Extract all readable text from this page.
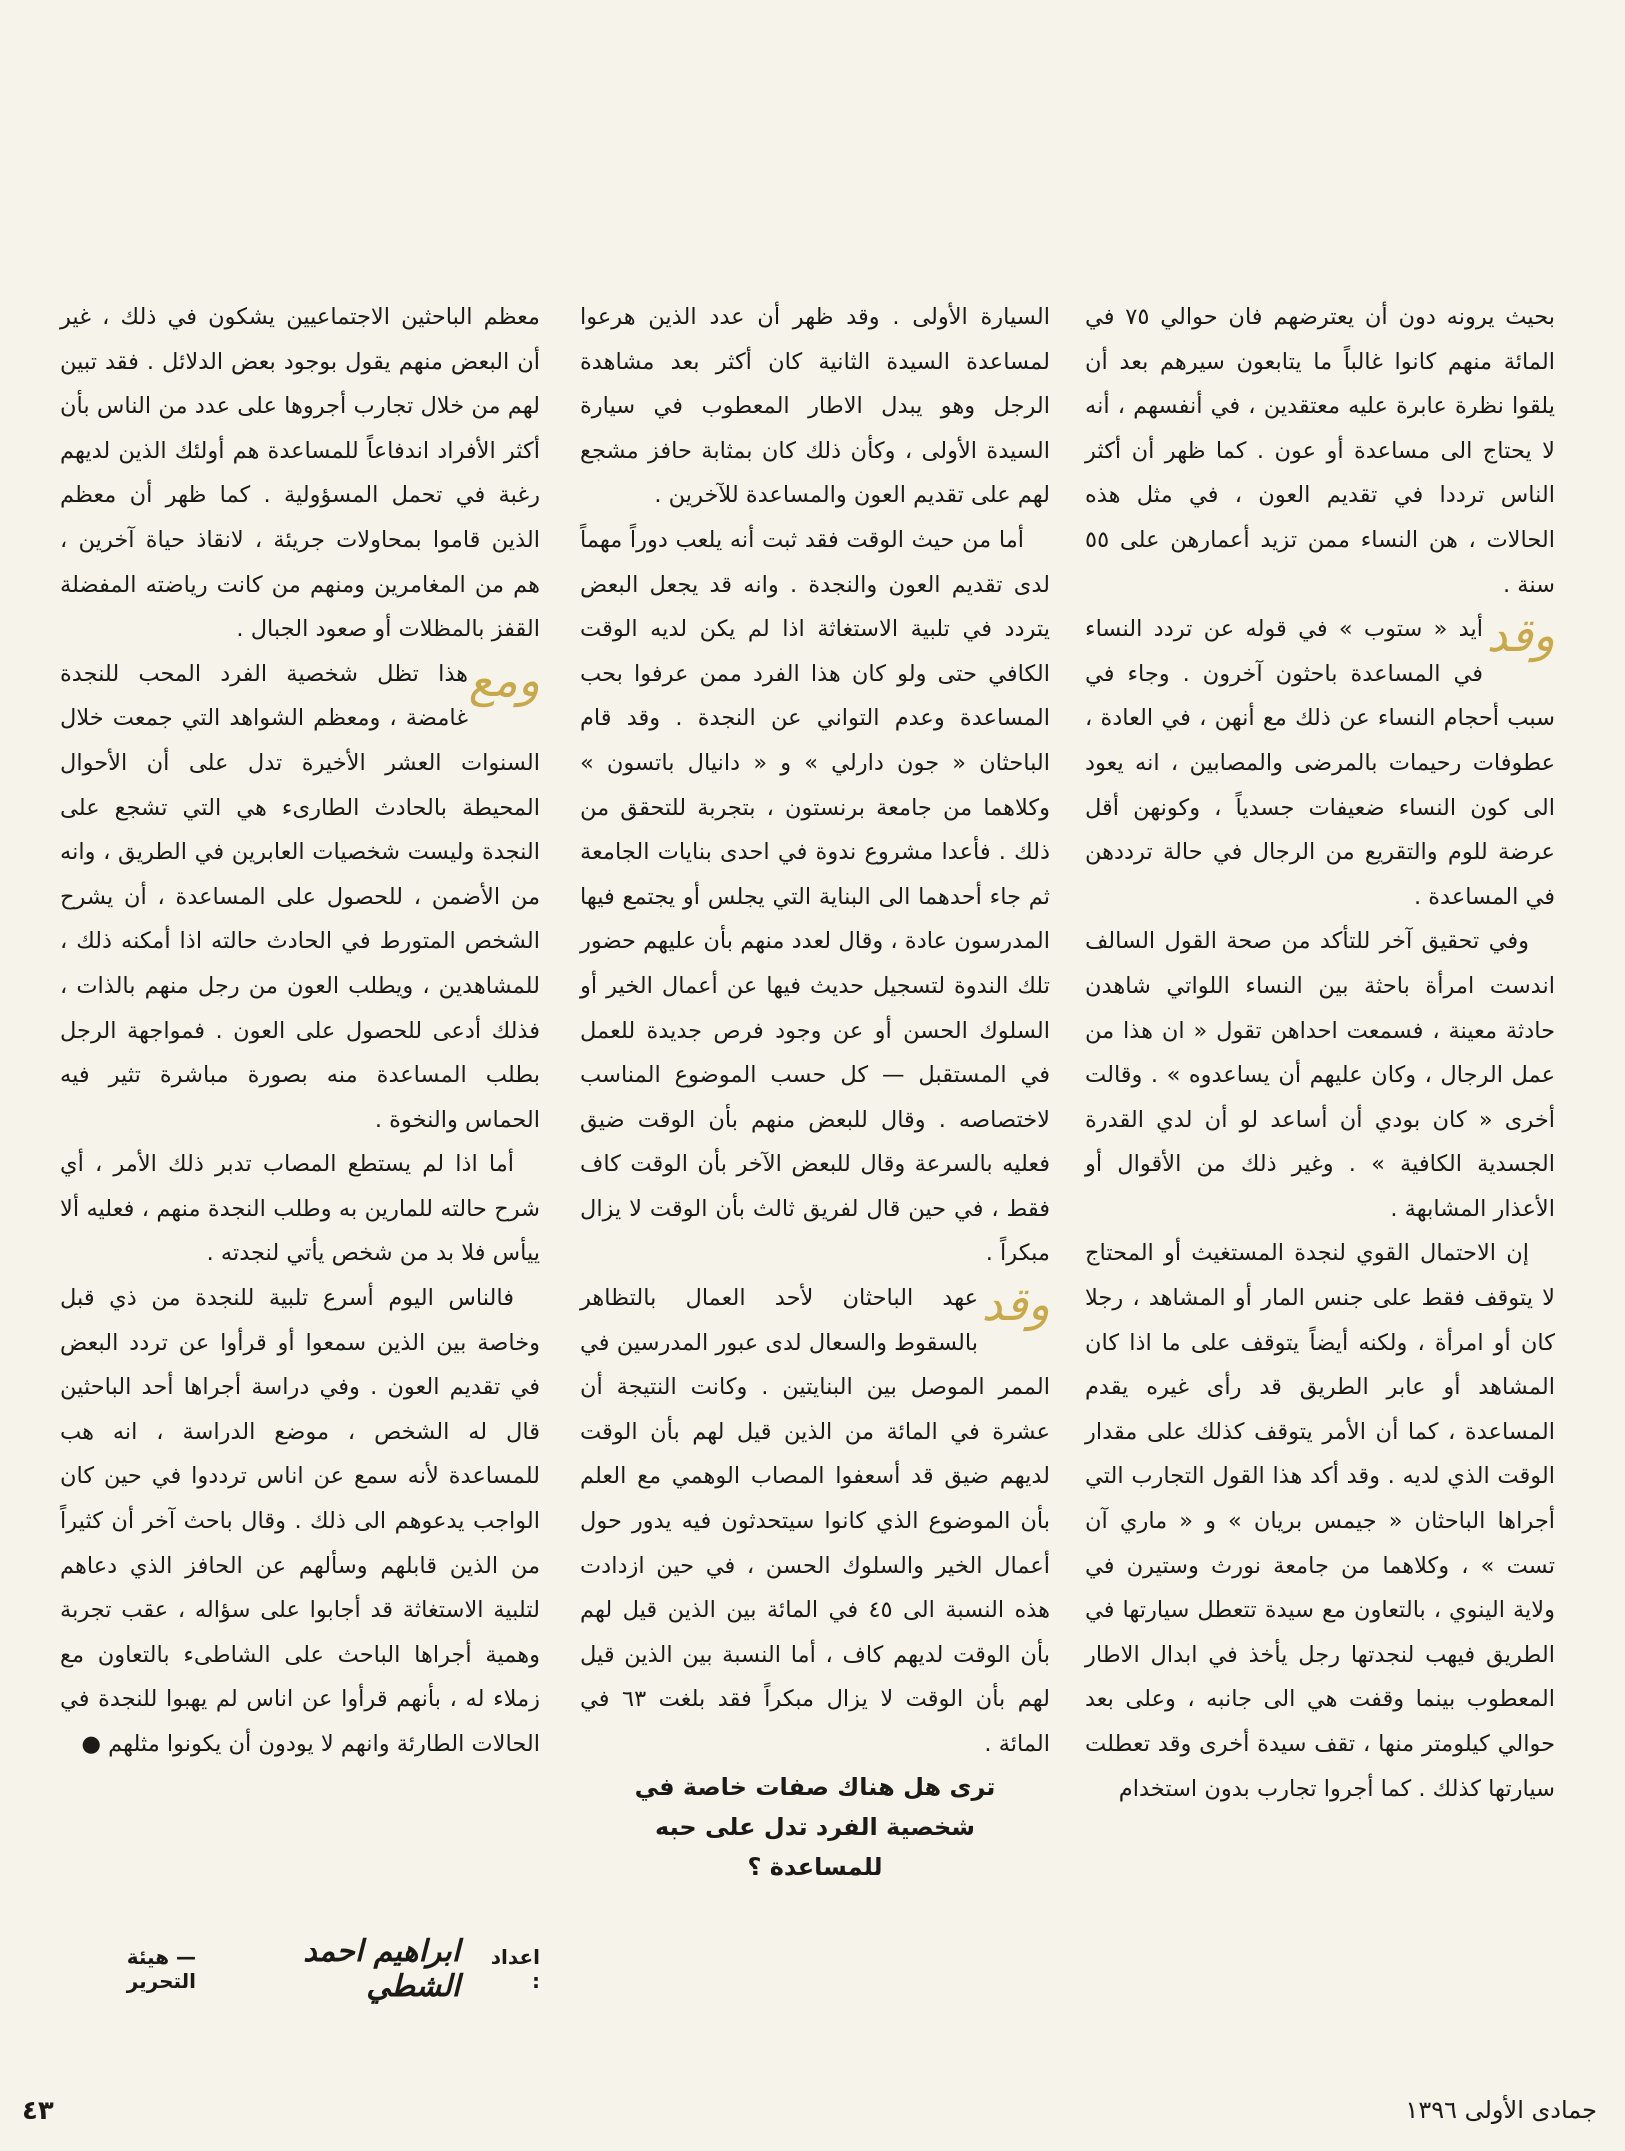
بحيث يرونه دون أن يعترضهم فان حوالي ٧٥ في المائة منهم كانوا غالباً ما يتابعون سيرهم بعد أن يلقوا نظرة عابرة عليه معتقدين ، في أنفسهم ، أنه لا يحتاج الى مساعدة أو عون . كما ظهر أن أكثر الناس ترددا في تقديم العون ، في مثل هذه الحالات ، هن النساء ممن تزيد أعمارهن على ٥٥ سنة .

وقد
أيد « ستوب » في قوله عن تردد النساء في المساعدة باحثون آخرون . وجاء في سبب أحجام النساء عن ذلك مع أنهن ، في العادة ، عطوفات رحيمات بالمرضى والمصابين ، انه يعود الى كون النساء ضعيفات جسدياً ، وكونهن أقل عرضة للوم والتقريع من الرجال في حالة ترددهن في المساعدة .

وفي تحقيق آخر للتأكد من صحة القول السالف اندست امرأة باحثة بين النساء اللواتي شاهدن حادثة معينة ، فسمعت احداهن تقول « ان هذا من عمل الرجال ، وكان عليهم أن يساعدوه » . وقالت أخرى « كان بودي أن أساعد لو أن لدي القدرة الجسدية الكافية » . وغير ذلك من الأقوال أو الأعذار المشابهة .

إن الاحتمال القوي لنجدة المستغيث أو المحتاج لا يتوقف فقط على جنس المار أو المشاهد ، رجلا كان أو امرأة ، ولكنه أيضاً يتوقف على ما اذا كان المشاهد أو عابر الطريق قد رأى غيره يقدم المساعدة ، كما أن الأمر يتوقف كذلك على مقدار الوقت الذي لديه . وقد أكد هذا القول التجارب التي أجراها الباحثان « جيمس بريان » و « ماري آن تست » ، وكلاهما من جامعة نورث وستيرن في ولاية الينوي ، بالتعاون مع سيدة تتعطل سيارتها في الطريق فيهب لنجدتها رجل يأخذ في ابدال الاطار المعطوب بينما وقفت هي الى جانبه ، وعلى بعد حوالي كيلومتر منها ، تقف سيدة أخرى وقد تعطلت سيارتها كذلك . كما أجروا تجارب بدون استخدام

السيارة الأولى . وقد ظهر أن عدد الذين هرعوا لمساعدة السيدة الثانية كان أكثر بعد مشاهدة الرجل وهو يبدل الاطار المعطوب في سيارة السيدة الأولى ، وكأن ذلك كان بمثابة حافز مشجع لهم على تقديم العون والمساعدة للآخرين .

أما من حيث الوقت فقد ثبت أنه يلعب دوراً مهماً لدى تقديم العون والنجدة . وانه قد يجعل البعض يتردد في تلبية الاستغاثة اذا لم يكن لديه الوقت الكافي حتى ولو كان هذا الفرد ممن عرفوا بحب المساعدة وعدم التواني عن النجدة . وقد قام الباحثان « جون دارلي » و « دانيال باتسون » وكلاهما من جامعة برنستون ، بتجربة للتحقق من ذلك . فأعدا مشروع ندوة في احدى بنايات الجامعة ثم جاء أحدهما الى البناية التي يجلس أو يجتمع فيها المدرسون عادة ، وقال لعدد منهم بأن عليهم حضور تلك الندوة لتسجيل حديث فيها عن أعمال الخير أو السلوك الحسن أو عن وجود فرص جديدة للعمل في المستقبل — كل حسب الموضوع المناسب لاختصاصه . وقال للبعض منهم بأن الوقت ضيق فعليه بالسرعة وقال للبعض الآخر بأن الوقت كاف فقط ، في حين قال لفريق ثالث بأن الوقت لا يزال مبكراً .

وقد
عهد الباحثان لأحد العمال بالتظاهر بالسقوط والسعال لدى عبور المدرسين في الممر الموصل بين البنايتين . وكانت النتيجة أن عشرة في المائة من الذين قيل لهم بأن الوقت لديهم ضيق قد أسعفوا المصاب الوهمي مع العلم بأن الموضوع الذي كانوا سيتحدثون فيه يدور حول أعمال الخير والسلوك الحسن ، في حين ازدادت هذه النسبة الى ٤٥ في المائة بين الذين قيل لهم بأن الوقت لديهم كاف ، أما النسبة بين الذين قيل لهم بأن الوقت لا يزال مبكراً فقد بلغت ٦٣ في المائة .

ترى هل هناك صفات خاصة في شخصية الفرد تدل على حبه للمساعدة ؟

معظم الباحثين الاجتماعيين يشكون في ذلك ، غير أن البعض منهم يقول بوجود بعض الدلائل . فقد تبين لهم من خلال تجارب أجروها على عدد من الناس بأن أكثر الأفراد اندفاعاً للمساعدة هم أولئك الذين لديهم رغبة في تحمل المسؤولية . كما ظهر أن معظم الذين قاموا بمحاولات جريئة ، لانقاذ حياة آخرين ، هم من المغامرين ومنهم من كانت رياضته المفضلة القفز بالمظلات أو صعود الجبال .

ومع
هذا تظل شخصية الفرد المحب للنجدة غامضة ، ومعظم الشواهد التي جمعت خلال السنوات العشر الأخيرة تدل على أن الأحوال المحيطة بالحادث الطارىء هي التي تشجع على النجدة وليست شخصيات العابرين في الطريق ، وانه من الأضمن ، للحصول على المساعدة ، أن يشرح الشخص المتورط في الحادث حالته اذا أمكنه ذلك ، للمشاهدين ، ويطلب العون من رجل منهم بالذات ، فذلك أدعى للحصول على العون . فمواجهة الرجل بطلب المساعدة منه بصورة مباشرة تثير فيه الحماس والنخوة .

أما اذا لم يستطع المصاب تدبر ذلك الأمر ، أي شرح حالته للمارين به وطلب النجدة منهم ، فعليه ألا ييأس فلا بد من شخص يأتي لنجدته .

فالناس اليوم أسرع تلبية للنجدة من ذي قبل وخاصة بين الذين سمعوا أو قرأوا عن تردد البعض في تقديم العون . وفي دراسة أجراها أحد الباحثين قال له الشخص ، موضع الدراسة ، انه هب للمساعدة لأنه سمع عن اناس ترددوا في حين كان الواجب يدعوهم الى ذلك . وقال باحث آخر أن كثيراً من الذين قابلهم وسألهم عن الحافز الذي دعاهم لتلبية الاستغاثة قد أجابوا على سؤاله ، عقب تجربة وهمية أجراها الباحث على الشاطىء بالتعاون مع زملاء له ، بأنهم قرأوا عن اناس لم يهبوا للنجدة في الحالات الطارئة وانهم لا يودون أن يكونوا مثلهم ●

اعداد :
ابراهيم احمد الشطي
— هيئة التحرير
٤٣	جمادى الأولى ١٣٩٦
